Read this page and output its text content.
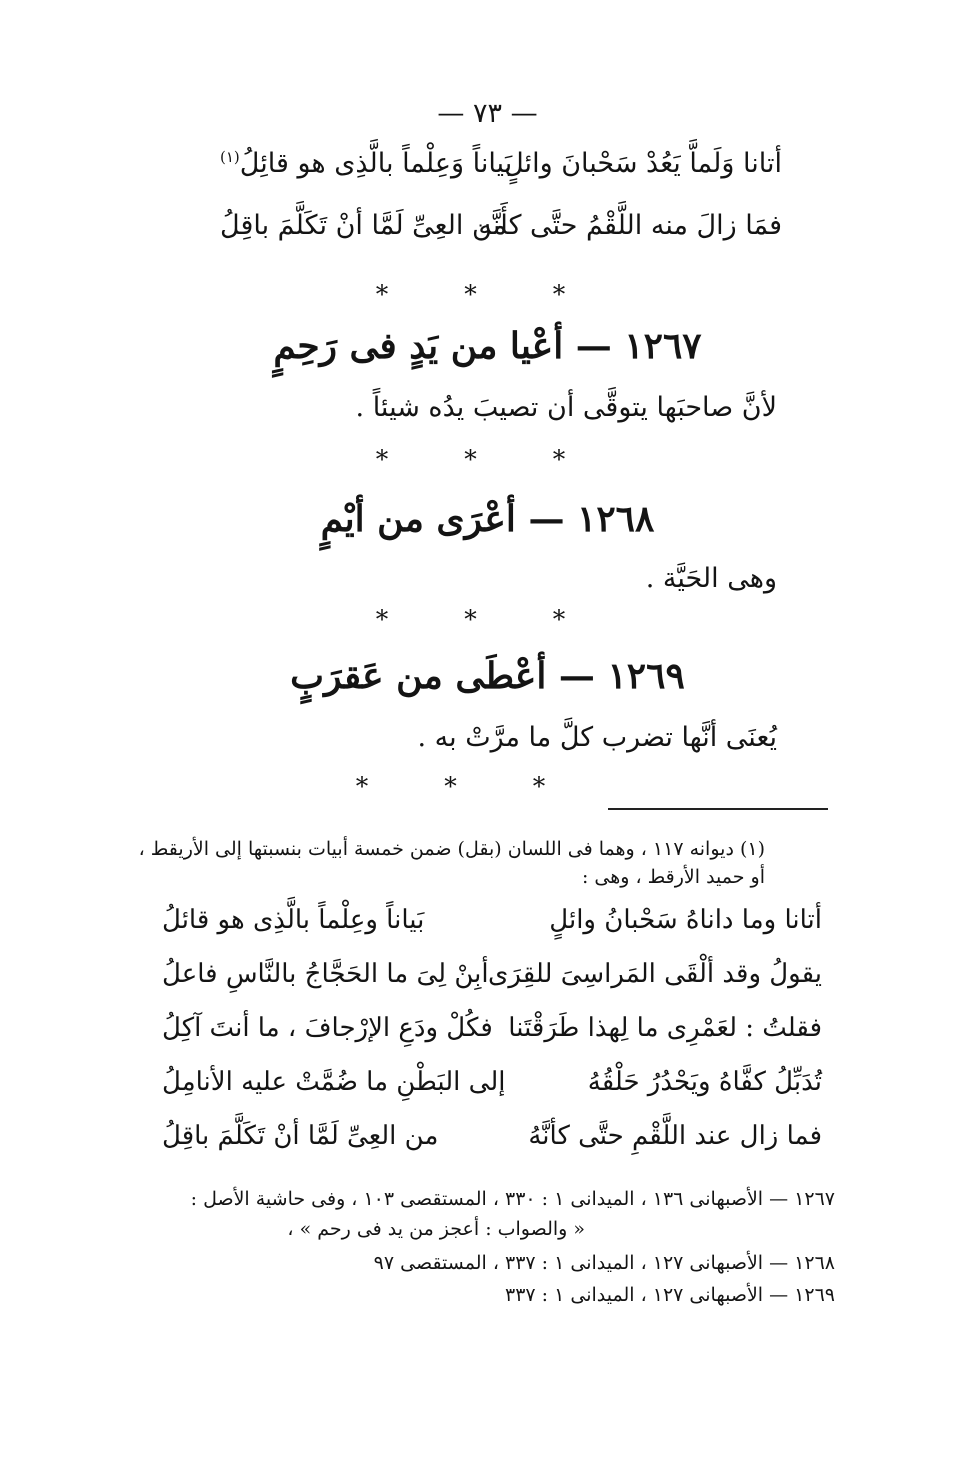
— ٧٣ —
أتانا وَلَماَّ يَعُدْ سَحْبانَ وائلٍ
بَياناً وَعِلْماً بالَّذِى هو قائِلُ$^{(١)}$
فمَا زالَ منه اللَّقْمُ حتَّى كأَنَّه
من العِىِّ لَمَّا أنْ تَكَلَّمَ باقِلُ
* * *
١٢٦٧ — أعْيا من يَدٍ فى رَحِمٍ
لأنَّ صاحبَها يتوقَّى أن تصيبَ يدُه شيئاً .
* * *
١٢٦٨ — أعْرَى من أيْمٍ
وهى الحَيَّة .
* * *
١٢٦٩ — أعْطَى من عَقرَبٍ
يُعنَى أنَّها تضرب كلَّ ما مرَّتْ به .
* * *
(١) ديوانه ١١٧ ، وهما فى اللسان (بقل) ضمن خمسة أبيات بنسبتها إلى الأريقط ،
أو حميد الأرقط ، وهى :
أتانا وما داناهُ سَحْبانُ وائلٍ
بَياناً وعِلْماً بالَّذِى هو قائلُ
يقولُ وقد ألْقَى المَراسِىَ للقِرَى
أبِنْ لِىَ ما الحَجَّاجُ بالنَّاسِ فاعلُ
فقلتُ : لعَمْرِى ما لِهذا طَرَقْتَنا
فكُلْ ودَعِ الإرْجافَ ، ما أنتَ آكِلُ
تُدَبِّلُ كفَّاهُ ويَحْدُرُ حَلْقُهُ
إلى البَطْنِ ما ضُمَّتْ عليه الأنامِلُ
فما زال عند اللَّقْمِ حتَّى كأنَّهُ
من العِىِّ لَمَّا أنْ تَكَلَّمَ باقِلُ
١٢٦٧ — الأصبهانى ١٣٦ ، الميدانى ١ : ٣٣٠ ، المستقصى ١٠٣ ، وفى حاشية الأصل :
« والصواب : أعجز من يد فى رحم » ،
١٢٦٨ — الأصبهانى ١٢٧ ، الميدانى ١ : ٣٣٧ ، المستقصى ٩٧
١٢٦٩ — الأصبهانى ١٢٧ ، الميدانى ١ : ٣٣٧
